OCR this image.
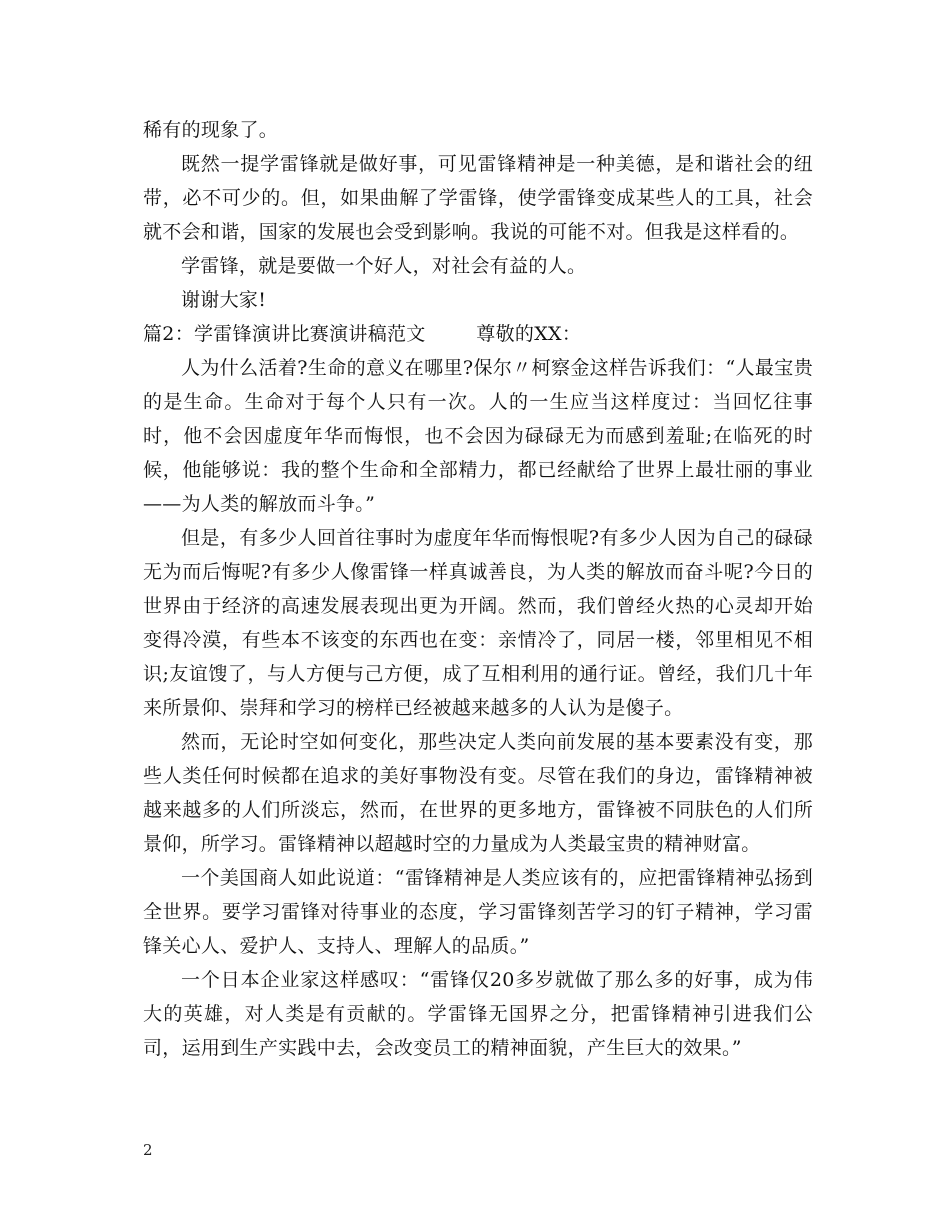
稀有的现象了。

既然一提学雷锋就是做好事，可见雷锋精神是一种美德，是和谐社会的纽带，必不可少的。但，如果曲解了学雷锋，使学雷锋变成某些人的工具，社会就不会和谐，国家的发展也会受到影响。我说的可能不对。但我是这样看的。

学雷锋，就是要做一个好人，对社会有益的人。

谢谢大家!

篇2：学雷锋演讲比赛演讲稿范文        尊敬的XX：

人为什么活着?生命的意义在哪里?保尔〃柯察金这样告诉我们：“人最宝贵的是生命。生命对于每个人只有一次。人的一生应当这样度过：当回忆往事时，他不会因虚度年华而悔恨，也不会因为碌碌无为而感到羞耻;在临死的时候，他能够说：我的整个生命和全部精力，都已经献给了世界上最壮丽的事业——为人类的解放而斗争。”

但是，有多少人回首往事时为虚度年华而悔恨呢?有多少人因为自己的碌碌无为而后悔呢?有多少人像雷锋一样真诚善良，为人类的解放而奋斗呢?今日的世界由于经济的高速发展表现出更为开阔。然而，我们曾经火热的心灵却开始变得冷漠，有些本不该变的东西也在变：亲情冷了，同居一楼，邻里相见不相识;友谊馊了，与人方便与己方便，成了互相利用的通行证。曾经，我们几十年来所景仰、崇拜和学习的榜样已经被越来越多的人认为是傻子。

然而，无论时空如何变化，那些决定人类向前发展的基本要素没有变，那些人类任何时候都在追求的美好事物没有变。尽管在我们的身边，雷锋精神被越来越多的人们所淡忘，然而，在世界的更多地方，雷锋被不同肤色的人们所景仰，所学习。雷锋精神以超越时空的力量成为人类最宝贵的精神财富。

一个美国商人如此说道：“雷锋精神是人类应该有的，应把雷锋精神弘扬到全世界。要学习雷锋对待事业的态度，学习雷锋刻苦学习的钉子精神，学习雷锋关心人、爱护人、支持人、理解人的品质。”

一个日本企业家这样感叹：“雷锋仅20多岁就做了那么多的好事，成为伟大的英雄，对人类是有贡献的。学雷锋无国界之分，把雷锋精神引进我们公司，运用到生产实践中去，会改变员工的精神面貌，产生巨大的效果。”

2
